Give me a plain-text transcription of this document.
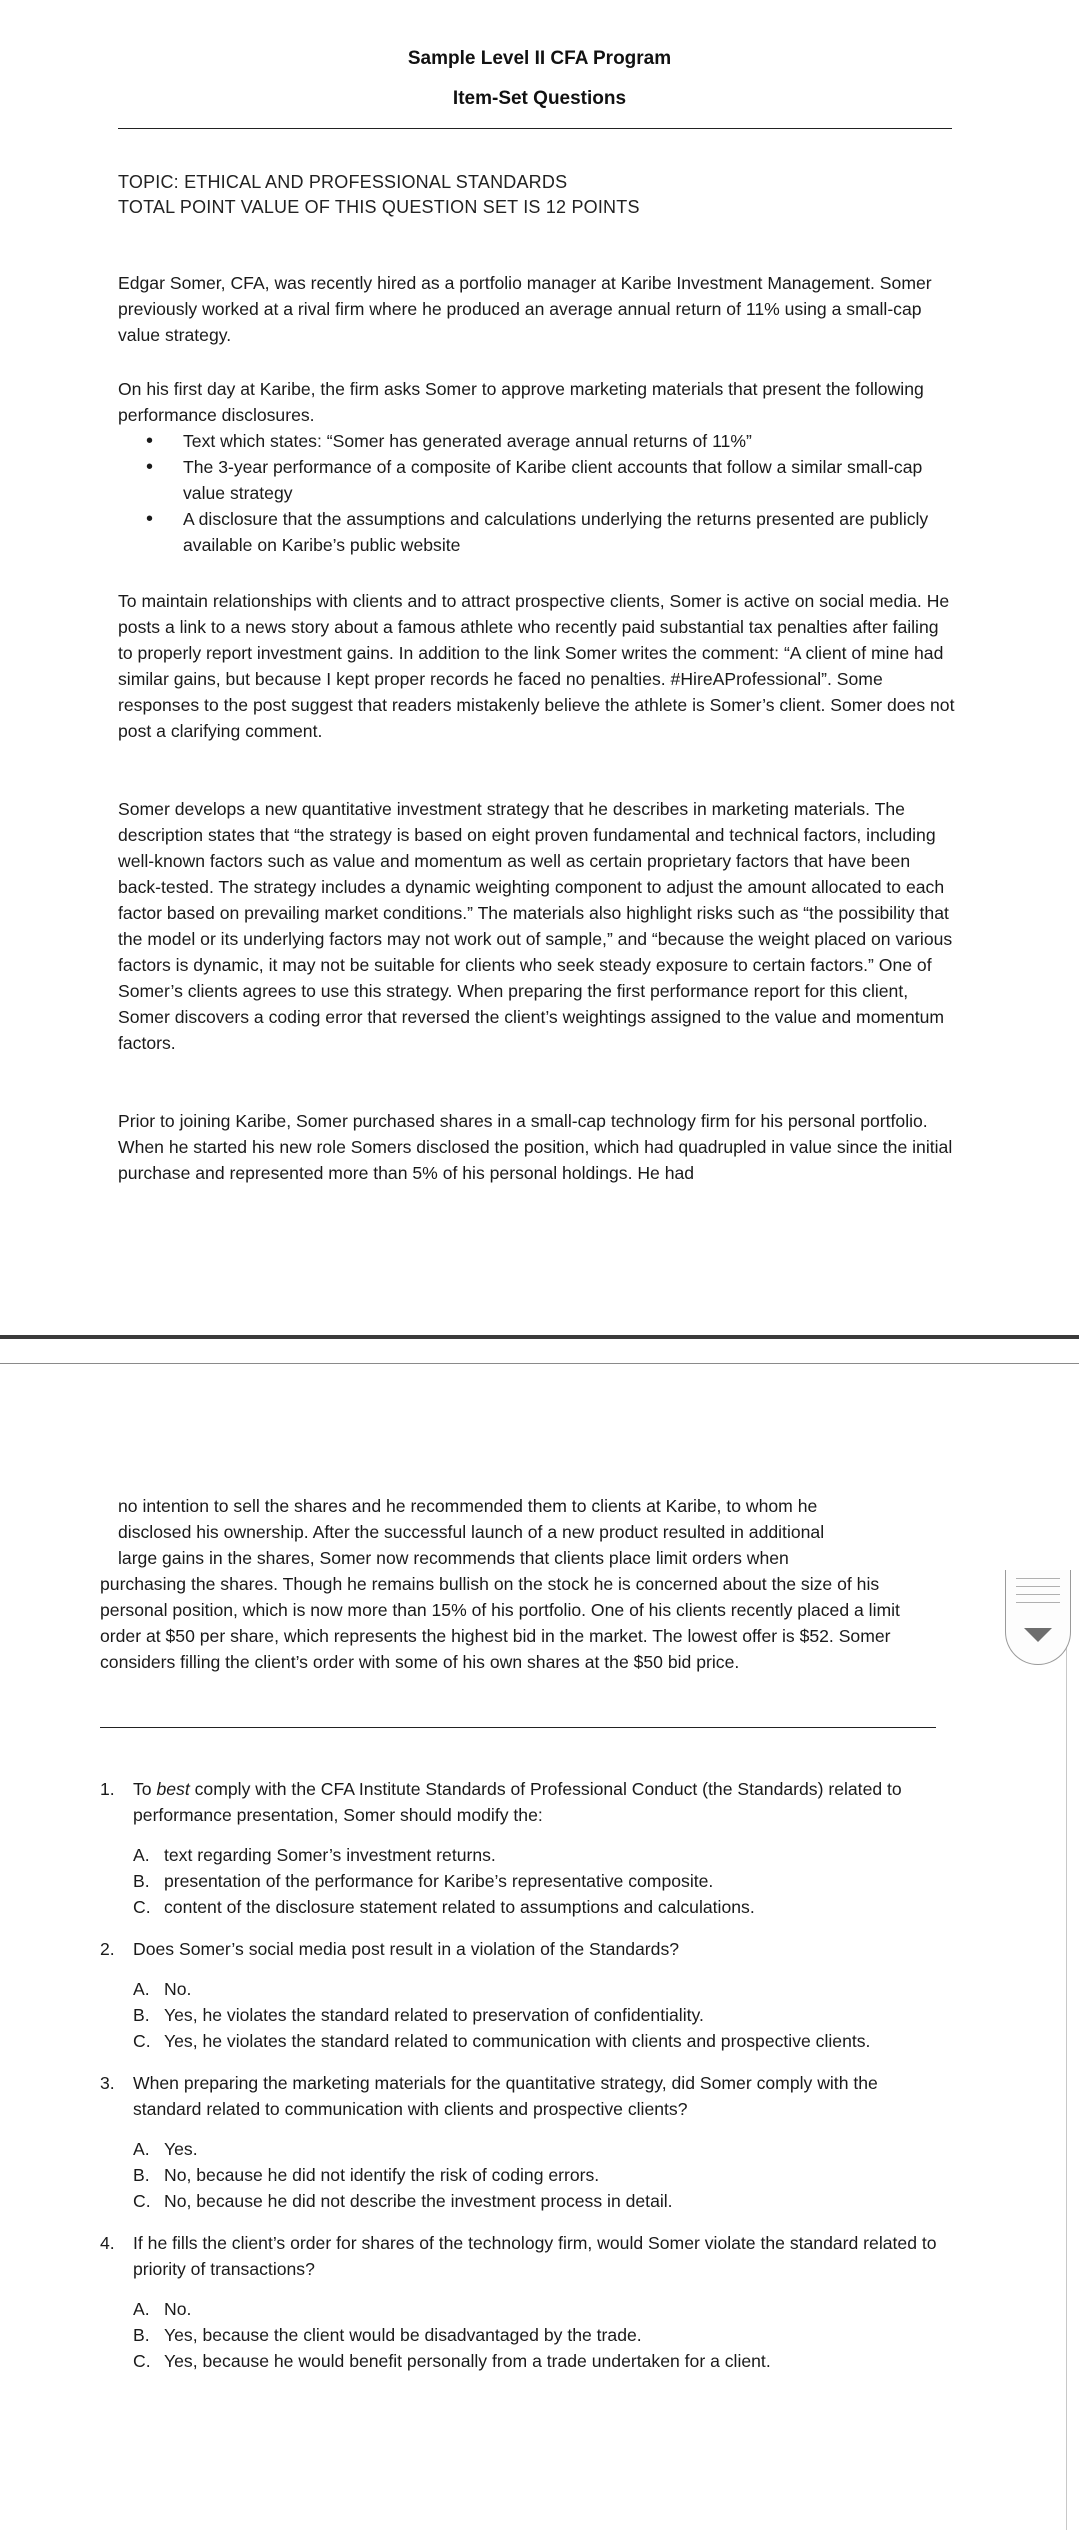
Sample Level II CFA Program
Item-Set Questions
TOPIC: ETHICAL AND PROFESSIONAL STANDARDS
TOTAL POINT VALUE OF THIS QUESTION SET IS 12 POINTS

Edgar Somer, CFA, was recently hired as a portfolio manager at Karibe Investment Management. Somer previously worked at a rival firm where he produced an average annual return of 11% using a small-cap value strategy.

On his first day at Karibe, the firm asks Somer to approve marketing materials that present the following performance disclosures.

• Text which states: “Somer has generated average annual returns of 11%”
• The 3-year performance of a composite of Karibe client accounts that follow a similar small-cap value strategy
• A disclosure that the assumptions and calculations underlying the returns presented are publicly available on Karibe’s public website

To maintain relationships with clients and to attract prospective clients, Somer is active on social media. He posts a link to a news story about a famous athlete who recently paid substantial tax penalties after failing to properly report investment gains. In addition to the link Somer writes the comment: “A client of mine had similar gains, but because I kept proper records he faced no penalties. #HireAProfessional”. Some responses to the post suggest that readers mistakenly believe the athlete is Somer’s client. Somer does not post a clarifying comment.

Somer develops a new quantitative investment strategy that he describes in marketing materials. The description states that “the strategy is based on eight proven fundamental and technical factors, including well-known factors such as value and momentum as well as certain proprietary factors that have been back-tested. The strategy includes a dynamic weighting component to adjust the amount allocated to each factor based on prevailing market conditions.” The materials also highlight risks such as “the possibility that the model or its underlying factors may not work out of sample,” and “because the weight placed on various factors is dynamic, it may not be suitable for clients who seek steady exposure to certain factors.” One of Somer’s clients agrees to use this strategy. When preparing the first performance report for this client, Somer discovers a coding error that reversed the client’s weightings assigned to the value and momentum factors.

Prior to joining Karibe, Somer purchased shares in a small-cap technology firm for his personal portfolio. When he started his new role Somers disclosed the position, which had quadrupled in value since the initial purchase and represented more than 5% of his personal holdings. He had

no intention to sell the shares and he recommended them to clients at Karibe, to whom he
disclosed his ownership. After the successful launch of a new product resulted in additional
large gains in the shares, Somer now recommends that clients place limit orders when
purchasing the shares. Though he remains bullish on the stock he is concerned about the size of his personal position, which is now more than 15% of his portfolio. One of his clients recently placed a limit order at $50 per share, which represents the highest bid in the market. The lowest offer is $52. Somer considers filling the client’s order with some of his own shares at the $50 bid price.

1. To best comply with the CFA Institute Standards of Professional Conduct (the Standards) related to performance presentation, Somer should modify the:
A. text regarding Somer’s investment returns.
B. presentation of the performance for Karibe’s representative composite.
C. content of the disclosure statement related to assumptions and calculations.
2. Does Somer’s social media post result in a violation of the Standards?
A. No.
B. Yes, he violates the standard related to preservation of confidentiality.
C. Yes, he violates the standard related to communication with clients and prospective clients.
3. When preparing the marketing materials for the quantitative strategy, did Somer comply with the standard related to communication with clients and prospective clients?
A. Yes.
B. No, because he did not identify the risk of coding errors.
C. No, because he did not describe the investment process in detail.
4. If he fills the client’s order for shares of the technology firm, would Somer violate the standard related to priority of transactions?
A. No.
B. Yes, because the client would be disadvantaged by the trade.
C. Yes, because he would benefit personally from a trade undertaken for a client.
